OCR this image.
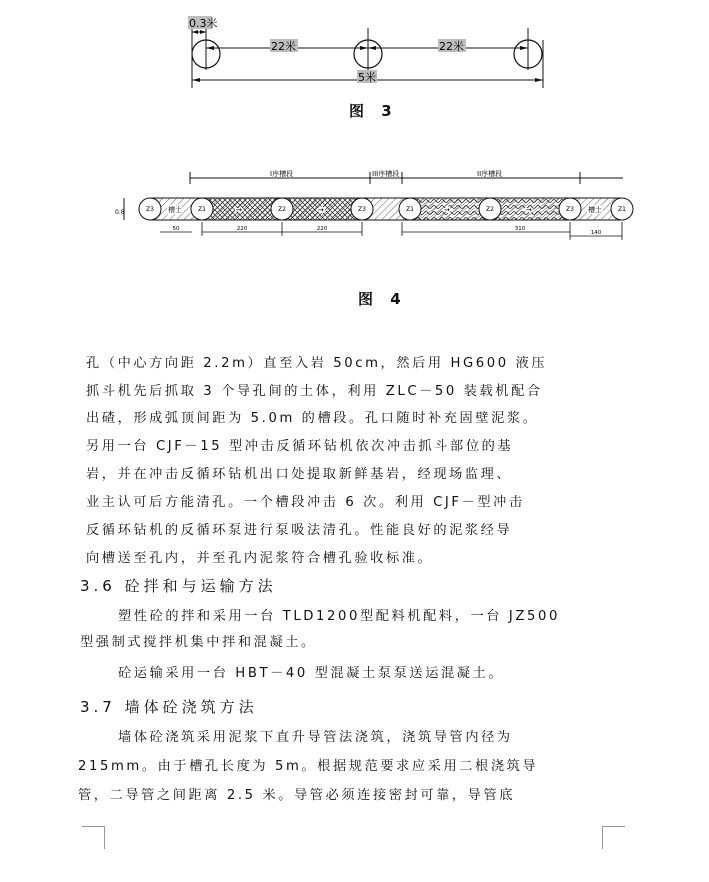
0.3米
22米	22米
5米
图 3
I序槽段	III序槽段	II序槽段
0.8	Z3	Z1	Z2	Z3	Z1	Z2	Z3	Z1
槽土	→	→	→	→	槽土
50	220	220	310
140
图 4
孔（中心方向距 2.2m）直至入岩 50cm，然后用 HG600 液压
抓斗机先后抓取 3 个导孔间的土体，利用 ZLC－50 装载机配合
出碴，形成弧顶间距为 5.0m 的槽段。孔口随时补充固壁泥浆。
另用一台 CJF－15 型冲击反循环钻机依次冲击抓斗部位的基
岩，并在冲击反循环钻机出口处提取新鲜基岩，经现场监理、
业主认可后方能清孔。一个槽段冲击 6 次。利用 CJF－型冲击
反循环钻机的反循环泵进行泵吸法清孔。性能良好的泥浆经导
向槽送至孔内，并至孔内泥浆符合槽孔验收标准。
3.6 砼拌和与运输方法
塑性砼的拌和采用一台 TLD1200型配料机配料，一台 JZ500
型强制式搅拌机集中拌和混凝土。
砼运输采用一台 HBT－40 型混凝土泵泵送运混凝土。
3.7 墙体砼浇筑方法
墙体砼浇筑采用泥浆下直升导管法浇筑，浇筑导管内径为
215mm。由于槽孔长度为 5m。根据规范要求应采用二根浇筑导
管，二导管之间距离 2.5 米。导管必须连接密封可靠，导管底
